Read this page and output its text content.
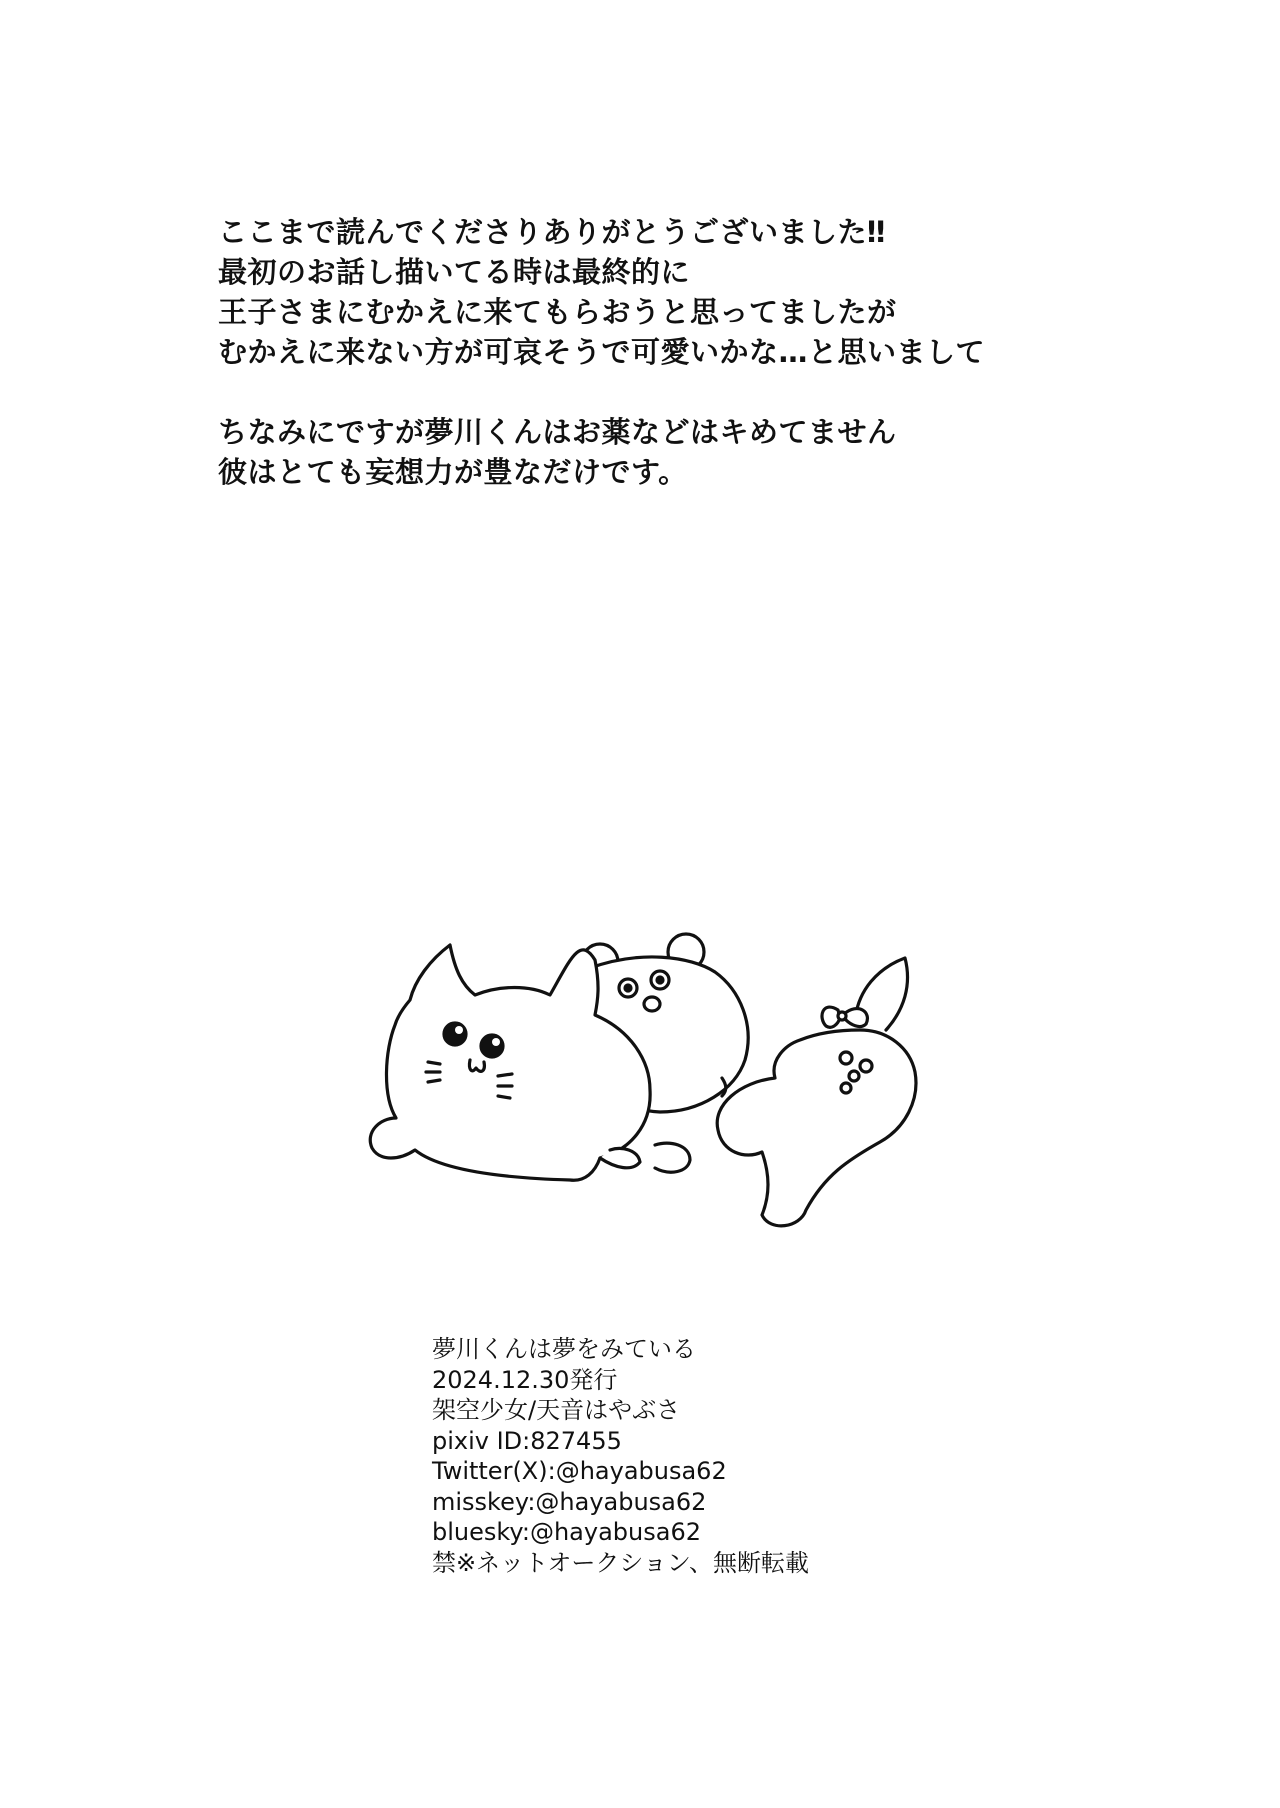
ここまで読んでくださりありがとうございました‼
最初のお話し描いてる時は最終的に
王子さまにむかえに来てもらおうと思ってましたが
むかえに来ない方が可哀そうで可愛いかな…と思いまして
ちなみにですが夢川くんはお薬などはキめてません
彼はとても妄想力が豊なだけです。
夢川くんは夢をみている
2024.12.30発行
架空少女/天音はやぶさ
pixiv ID:827455
Twitter(X):@hayabusa62
misskey:@hayabusa62
bluesky:@hayabusa62
禁※ネットオークション、無断転載
